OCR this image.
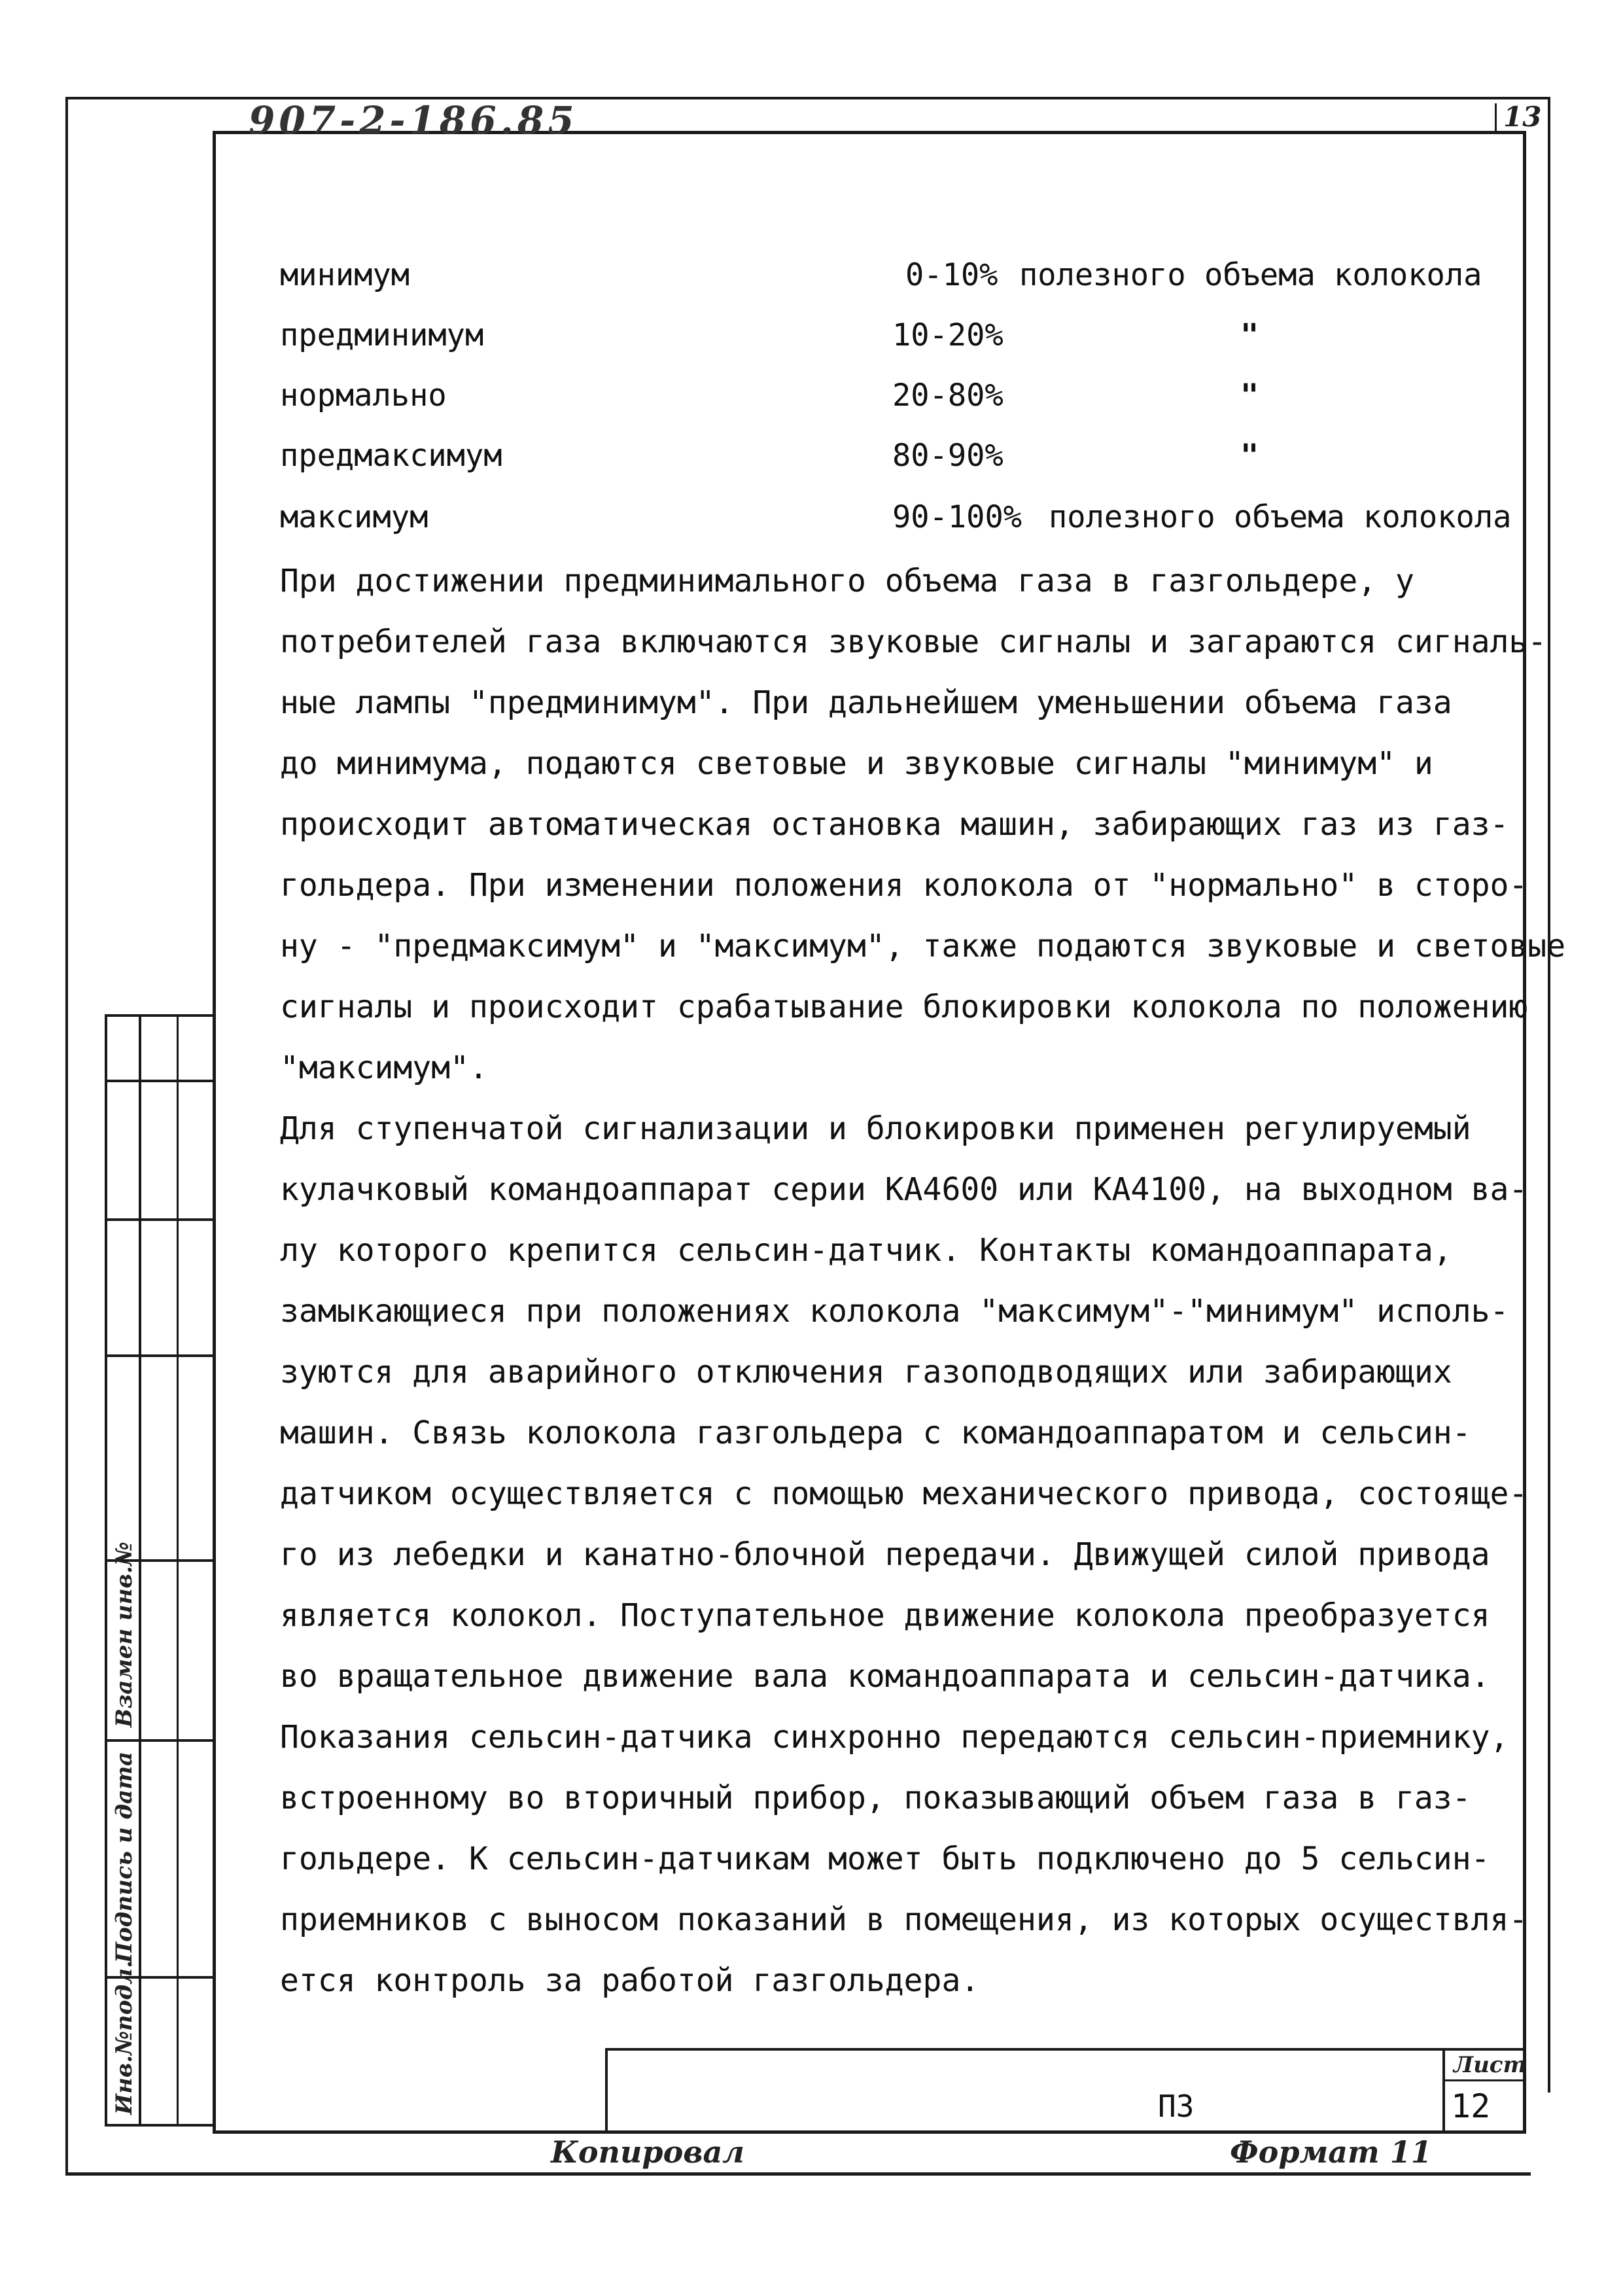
907-2-186.85	13
минимум	0-10% полезного объема колокола
предминимум	10-20%	"
нормально	20-80%	"
предмаксимум	80-90%	"
максимум	90-100% полезного объема колокола
При достижении предминимального объема газа в газгольдере, у
потребителей газа включаются звуковые сигналы и загараются сигналь-
ные лампы "предминимум". При дальнейшем уменьшении объема газа
до минимума, подаются световые и звуковые сигналы "минимум" и
происходит автоматическая остановка машин, забирающих газ из газ-
гольдера. При изменении положения колокола от "нормально" в сторо-
ну - "предмаксимум" и "максимум", также подаются звуковые и световые
сигналы и происходит срабатывание блокировки колокола по положению
"максимум".
Для ступенчатой сигнализации и блокировки применен регулируемый
кулачковый командоаппарат серии КА4600 или КА4100, на выходном ва-
лу которого крепится сельсин-датчик. Контакты командоаппарата,
замыкающиеся при положениях колокола "максимум"-"минимум" исполь-
зуются для аварийного отключения газоподводящих или забирающих
машин. Связь колокола газгольдера с командоаппаратом и сельсин-
датчиком осуществляется с помощью механического привода, состояще-
го из лебедки и канатно-блочной передачи. Движущей силой привода
является колокол. Поступательное движение колокола преобразуется
во вращательное движение вала командоаппарата и сельсин-датчика.
Показания сельсин-датчика синхронно передаются сельсин-приемнику,
встроенному во вторичный прибор, показывающий объем газа в газ-
гольдере. К сельсин-датчикам может быть подключено до 5 сельсин-
приемников с выносом показаний в помещения, из которых осуществля-
ется контроль за работой газгольдера.
Взамен инв.№
Подпись и дата
Инв.№подл.	ПЗ
Лист
12
Копировал	Формат 11
